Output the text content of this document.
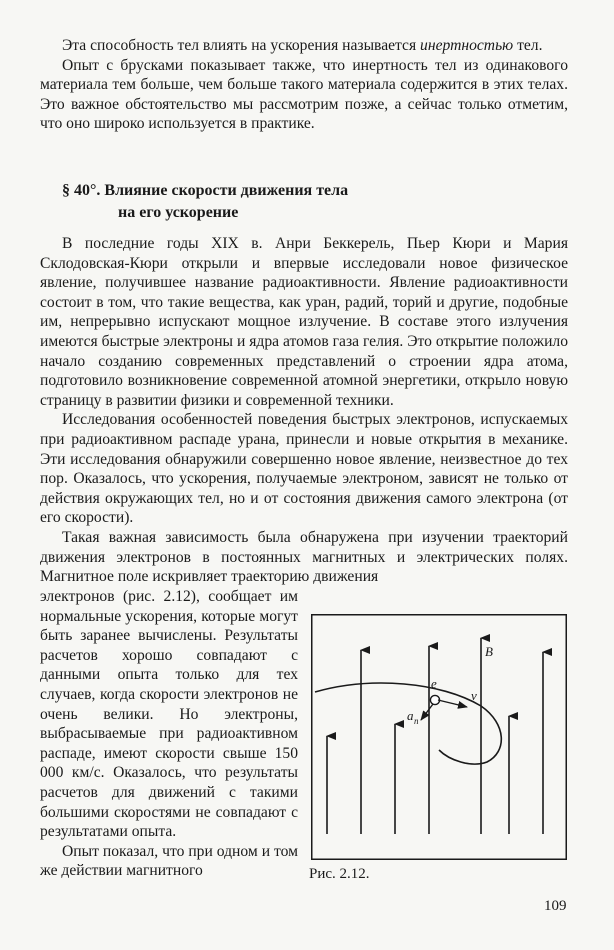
Эта способность тел влиять на ускорения называется инертностью тел.

Опыт с брусками показывает также, что инертность тел из одинакового материала тем больше, чем больше такого материала содержится в этих телах. Это важное обстоятельство мы рассмотрим позже, а сейчас только отметим, что оно широко используется в практике.

§ 40°. Влияние скорости движения тела
на его ускорение

В последние годы XIX в. Анри Беккерель, Пьер Кюри и Мария Склодовская-Кюри открыли и впервые исследовали новое физическое явление, получившее название радиоактивности. Явление радиоактивности состоит в том, что такие вещества, как уран, радий, торий и другие, подобные им, непрерывно испускают мощное излучение. В составе этого излучения имеются быстрые электроны и ядра атомов газа гелия. Это открытие положило начало созданию современных представлений о строении ядра атома, подготовило возникновение современной атомной энергетики, открыло новую страницу в развитии физики и современной техники.

Исследования особенностей поведения быстрых электронов, испускаемых при радиоактивном распаде урана, принесли и новые открытия в механике. Эти исследования обнаружили совершенно новое явление, неизвестное до тех пор. Оказалось, что ускорения, получаемые электроном, зависят не только от действия окружающих тел, но и от состояния движения самого электрона (от его скорости).

Такая важная зависимость была обнаружена при изучении траекторий движения электронов в постоянных магнитных и электрических полях. Магнитное поле искривляет траекторию движения

электронов (рис. 2.12), сообщает им нормальные ускорения, которые могут быть заранее вычислены. Результаты расчетов хорошо совпадают с данными опыта только для тех случаев, когда скорости электронов не очень велики. Но электроны, выбрасываемые при радиоактивном распаде, имеют скорости свыше 150 000 км/с. Оказалось, что результаты расчетов для движений с такими большими скоростями не совпадают с результатами опыта.

Опыт показал, что при одном и том же действии магнитного

B
e
v
a n
Рис. 2.12.
109
